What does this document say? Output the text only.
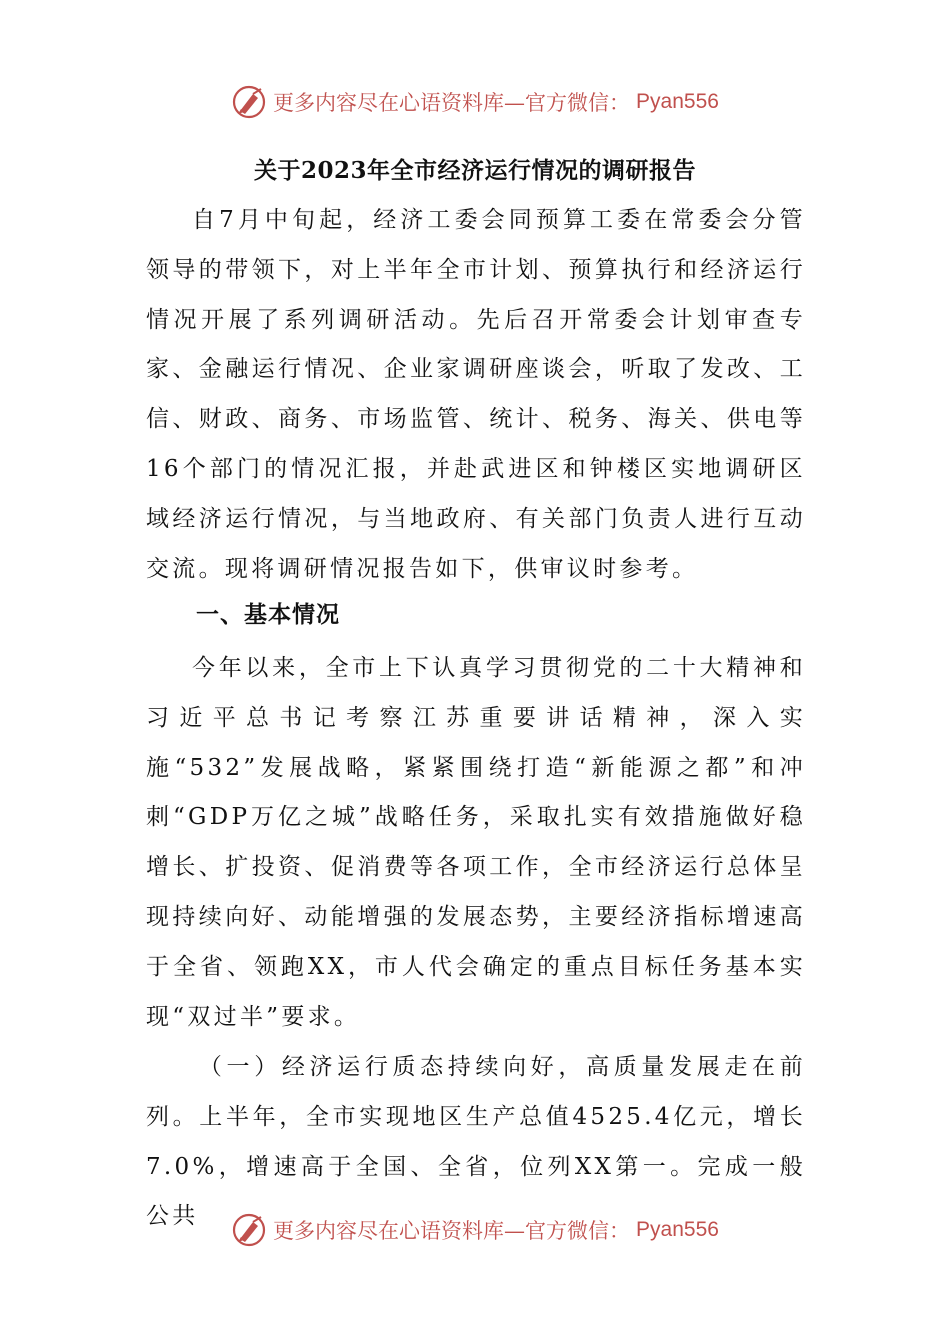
更多内容尽在心语资料库—官方微信： Pyan556
关于2023年全市经济运行情况的调研报告

自7月中旬起，经济工委会同预算工委在常委会分管领导的带领下，对上半年全市计划、预算执行和经济运行情况开展了系列调研活动。先后召开常委会计划审查专家、金融运行情况、企业家调研座谈会，听取了发改、工信、财政、商务、市场监管、统计、税务、海关、供电等16个部门的情况汇报，并赴武进区和钟楼区实地调研区域经济运行情况，与当地政府、有关部门负责人进行互动交流。现将调研情况报告如下，供审议时参考。

一、基本情况

今年以来，全市上下认真学习贯彻党的二十大精神和习近平总书记考察江苏重要讲话精神，深入实施“532”发展战略，紧紧围绕打造“新能源之都”和冲刺“GDP万亿之城”战略任务，采取扎实有效措施做好稳增长、扩投资、促消费等各项工作，全市经济运行总体呈现持续向好、动能增强的发展态势，主要经济指标增速高于全省、领跑XX，市人代会确定的重点目标任务基本实现“双过半”要求。

（一）经济运行质态持续向好，高质量发展走在前列。上半年，全市实现地区生产总值4525.4亿元，增长7.0%，增速高于全国、全省，位列XX第一。完成一般公共

更多内容尽在心语资料库—官方微信： Pyan556
